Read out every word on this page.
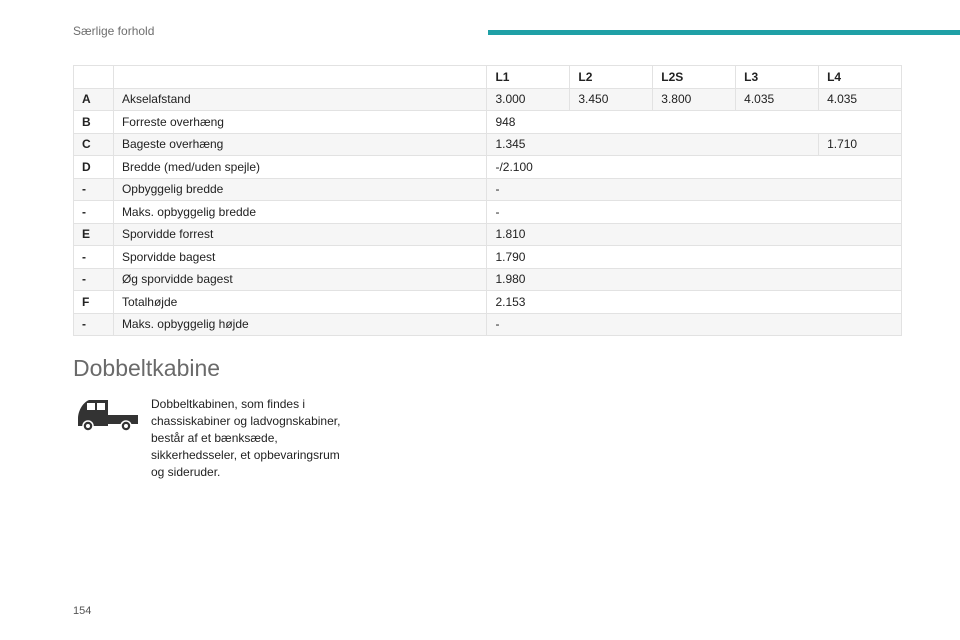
Særlige forhold
		L1	L2	L2S	L3	L4
A	Akselafstand	3.000	3.450	3.800	4.035	4.035
B	Forreste overhæng	948				
C	Bageste overhæng	1.345				1.710
D	Bredde (med/uden spejle)	-/2.100				
-	Opbyggelig bredde	-				
-	Maks. opbyggelig bredde	-				
E	Sporvidde forrest	1.810				
-	Sporvidde bagest	1.790				
-	Øg sporvidde bagest	1.980				
F	Totalhøjde	2.153				
-	Maks. opbyggelig højde	-				
Dobbeltkabine

Dobbeltkabinen, som findes i chassiskabiner og ladvognskabiner, består af et bænksæde, sikkerhedsseler, et opbevaringsrum og sideruder.

154
